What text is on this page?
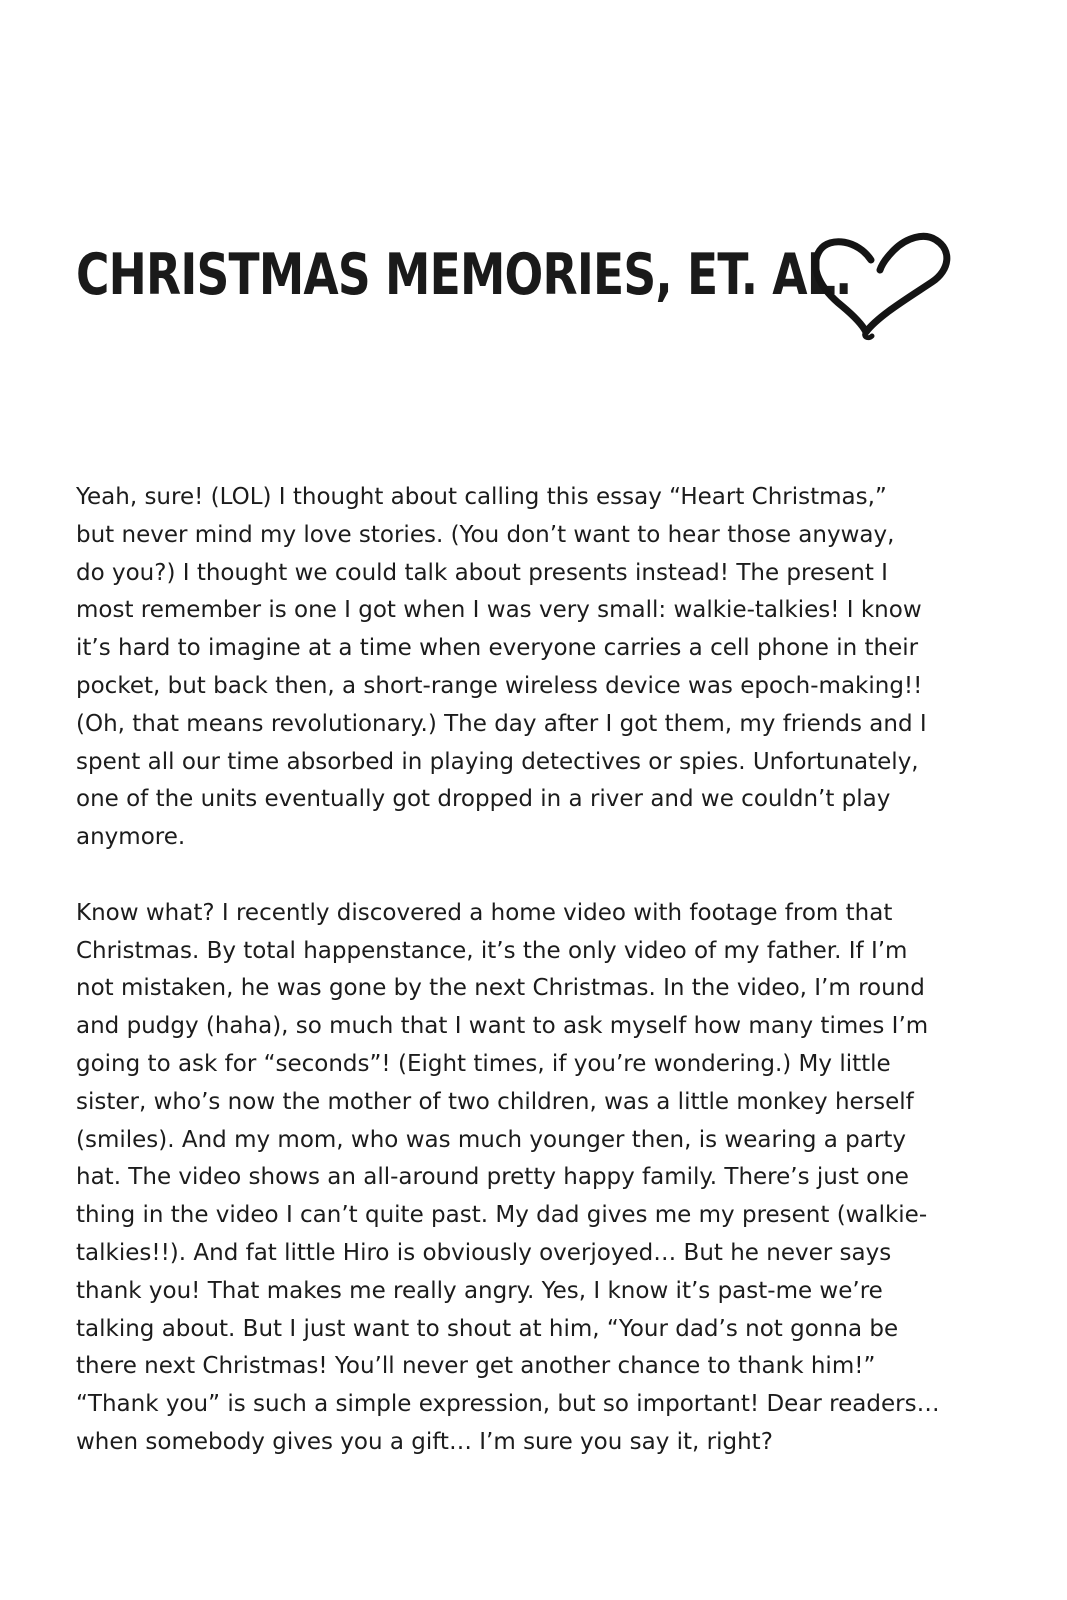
CHRISTMAS MEMORIES, ET. AL.

Yeah, sure! (LOL) I thought about calling this essay “Heart Christmas,”
but never mind my love stories. (You don’t want to hear those anyway,
do you?) I thought we could talk about presents instead! The present I
most remember is one I got when I was very small: walkie-talkies! I know
it’s hard to imagine at a time when everyone carries a cell phone in their
pocket, but back then, a short-range wireless device was epoch-making!!
(Oh, that means revolutionary.) The day after I got them, my friends and I
spent all our time absorbed in playing detectives or spies. Unfortunately,
one of the units eventually got dropped in a river and we couldn’t play
anymore.

Know what? I recently discovered a home video with footage from that
Christmas. By total happenstance, it’s the only video of my father. If I’m
not mistaken, he was gone by the next Christmas. In the video, I’m round
and pudgy (haha), so much that I want to ask myself how many times I’m
going to ask for “seconds”! (Eight times, if you’re wondering.) My little
sister, who’s now the mother of two children, was a little monkey herself
(smiles). And my mom, who was much younger then, is wearing a party
hat. The video shows an all-around pretty happy family. There’s just one
thing in the video I can’t quite past. My dad gives me my present (walkie-
talkies!!). And fat little Hiro is obviously overjoyed… But he never says
thank you! That makes me really angry. Yes, I know it’s past-me we’re
talking about. But I just want to shout at him, “Your dad’s not gonna be
there next Christmas! You’ll never get another chance to thank him!”
“Thank you” is such a simple expression, but so important! Dear readers…
when somebody gives you a gift… I’m sure you say it, right?
